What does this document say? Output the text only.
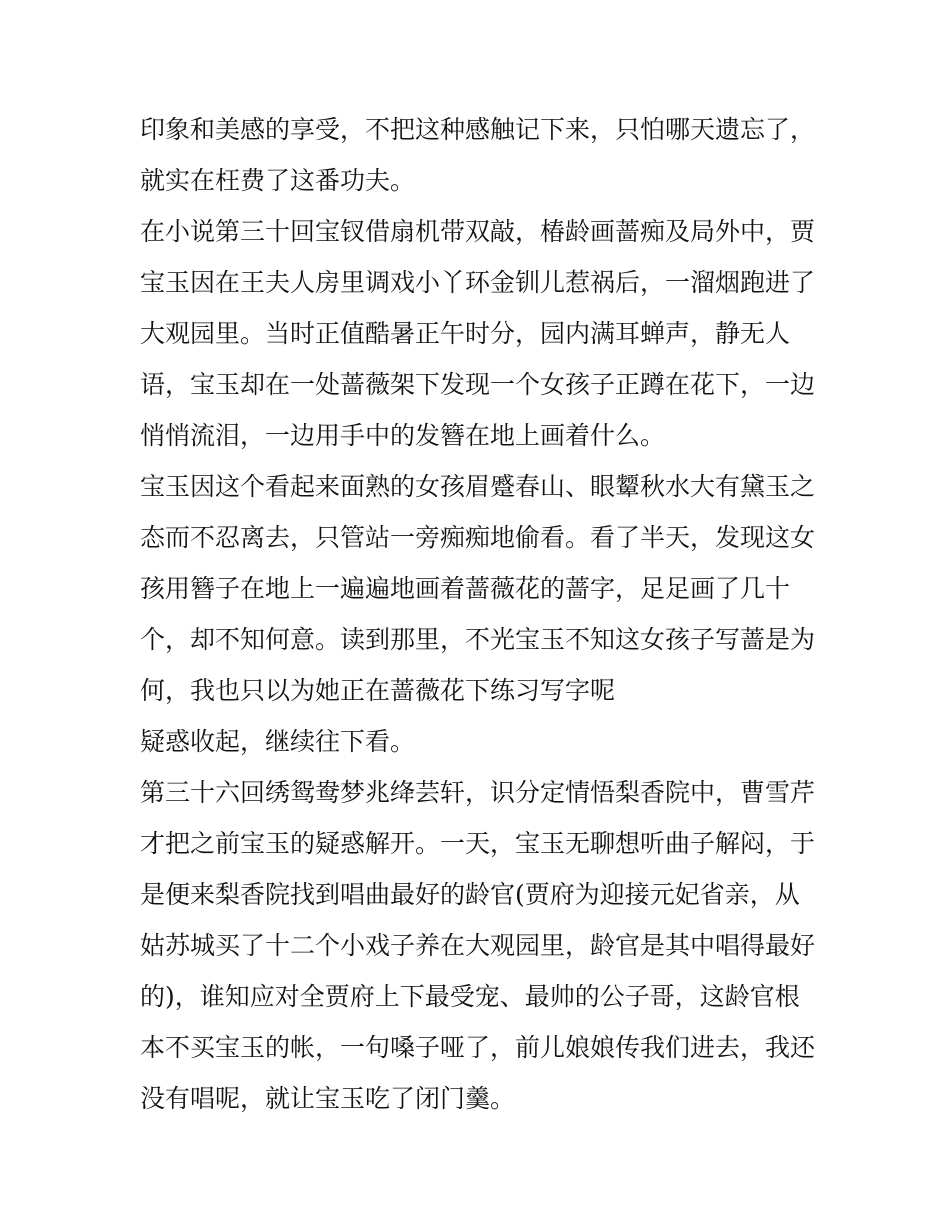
印象和美感的享受，不把这种感触记下来，只怕哪天遗忘了，
就实在枉费了这番功夫。
在小说第三十回宝钗借扇机带双敲，椿龄画蔷痴及局外中，贾
宝玉因在王夫人房里调戏小丫环金钏儿惹祸后，一溜烟跑进了
大观园里。当时正值酷暑正午时分，园内满耳蝉声，静无人
语，宝玉却在一处蔷薇架下发现一个女孩子正蹲在花下，一边
悄悄流泪，一边用手中的发簪在地上画着什么。
宝玉因这个看起来面熟的女孩眉蹙春山、眼颦秋水大有黛玉之
态而不忍离去，只管站一旁痴痴地偷看。看了半天，发现这女
孩用簪子在地上一遍遍地画着蔷薇花的蔷字，足足画了几十
个，却不知何意。读到那里，不光宝玉不知这女孩子写蔷是为
何，我也只以为她正在蔷薇花下练习写字呢
疑惑收起，继续往下看。
第三十六回绣鸳鸯梦兆绛芸轩，识分定情悟梨香院中，曹雪芹
才把之前宝玉的疑惑解开。一天，宝玉无聊想听曲子解闷，于
是便来梨香院找到唱曲最好的龄官(贾府为迎接元妃省亲，从
姑苏城买了十二个小戏子养在大观园里，龄官是其中唱得最好
的)，谁知应对全贾府上下最受宠、最帅的公子哥，这龄官根
本不买宝玉的帐，一句嗓子哑了，前儿娘娘传我们进去，我还
没有唱呢，就让宝玉吃了闭门羹。
